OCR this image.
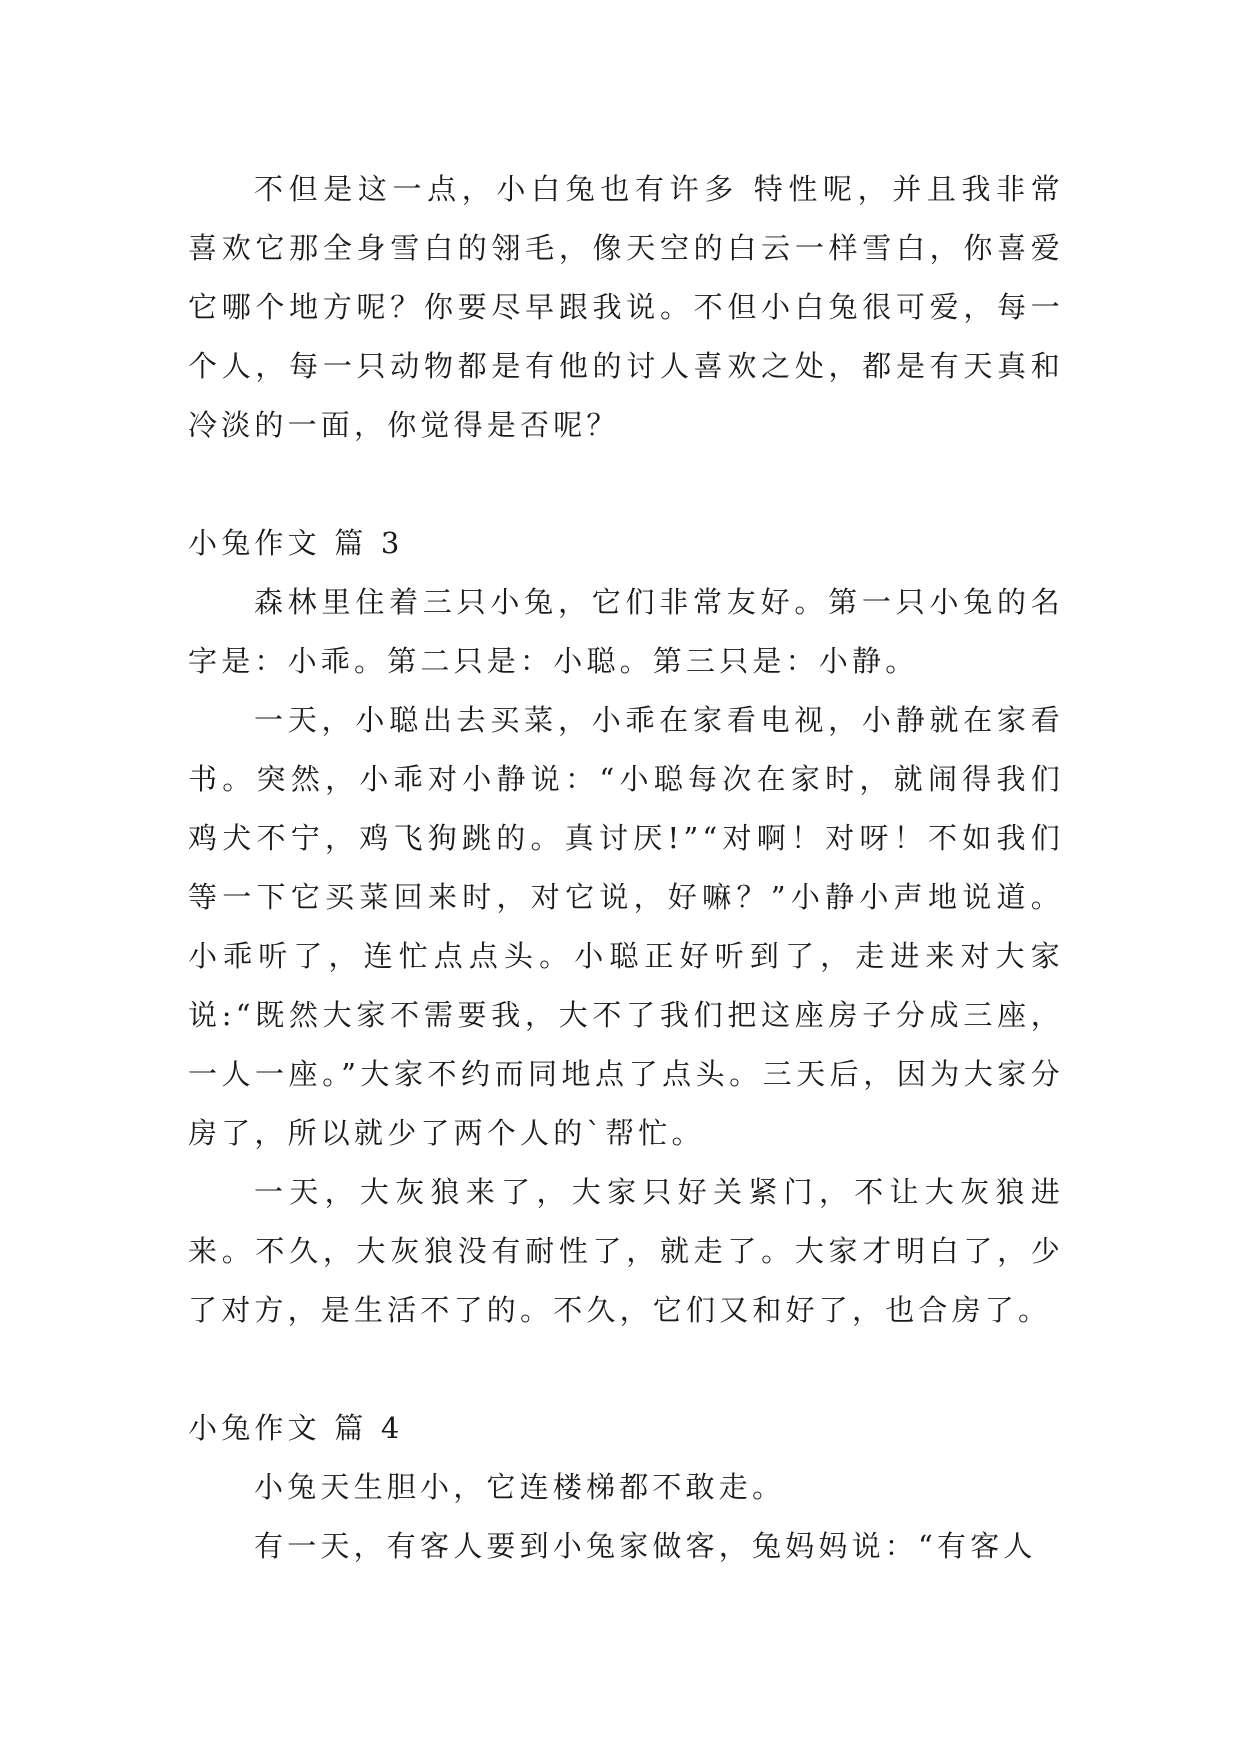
不但是这一点，小白兔也有许多 特性呢，并且我非常喜欢它那全身雪白的翎毛，像天空的白云一样雪白，你喜爱它哪个地方呢？你要尽早跟我说。不但小白兔很可爱，每一个人，每一只动物都是有他的讨人喜欢之处，都是有天真和冷淡的一面，你觉得是否呢？

小兔作文 篇 3

森林里住着三只小兔，它们非常友好。第一只小兔的名字是：小乖。第二只是：小聪。第三只是：小静。

一天，小聪出去买菜，小乖在家看电视，小静就在家看书。突然，小乖对小静说：“小聪每次在家时，就闹得我们鸡犬不宁，鸡飞狗跳的。真讨厌!”“对啊！对呀！不如我们等一下它买菜回来时，对它说，好嘛？”小静小声地说道。小乖听了，连忙点点头。小聪正好听到了，走进来对大家说:“既然大家不需要我，大不了我们把这座房子分成三座，一人一座。”大家不约而同地点了点头。三天后，因为大家分房了，所以就少了两个人的`帮忙。

一天，大灰狼来了，大家只好关紧门，不让大灰狼进来。不久，大灰狼没有耐性了，就走了。大家才明白了，少了对方，是生活不了的。不久，它们又和好了，也合房了。

小兔作文 篇 4

小兔天生胆小，它连楼梯都不敢走。

有一天，有客人要到小兔家做客，兔妈妈说：“有客人
